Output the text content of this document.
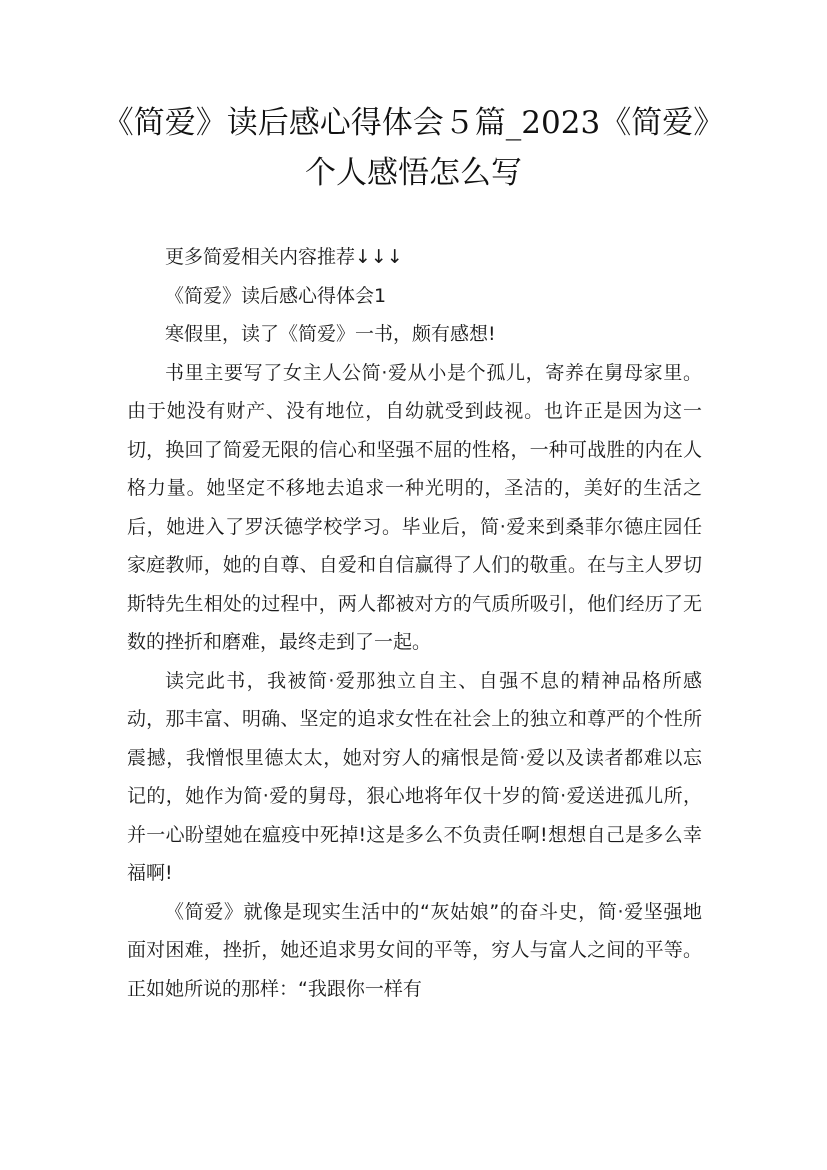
《简爱》读后感心得体会５篇_2023《简爱》
个人感悟怎么写

更多简爱相关内容推荐↓↓↓

《简爱》读后感心得体会1

寒假里，读了《简爱》一书，颇有感想!

书里主要写了女主人公简·爱从小是个孤儿，寄养在舅母家里。由于她没有财产、没有地位，自幼就受到歧视。也许正是因为这一切，换回了简爱无限的信心和坚强不屈的性格，一种可战胜的内在人格力量。她坚定不移地去追求一种光明的，圣洁的，美好的生活之后，她进入了罗沃德学校学习。毕业后，简·爱来到桑菲尔德庄园任家庭教师，她的自尊、自爱和自信赢得了人们的敬重。在与主人罗切斯特先生相处的过程中，两人都被对方的气质所吸引，他们经历了无数的挫折和磨难，最终走到了一起。

读完此书，我被简·爱那独立自主、自强不息的精神品格所感动，那丰富、明确、坚定的追求女性在社会上的独立和尊严的个性所震撼，我憎恨里德太太，她对穷人的痛恨是简·爱以及读者都难以忘记的，她作为简·爱的舅母，狠心地将年仅十岁的简·爱送进孤儿所，并一心盼望她在瘟疫中死掉!这是多么不负责任啊!想想自己是多么幸福啊!

《简爱》就像是现实生活中的“灰姑娘”的奋斗史，简·爱坚强地面对困难，挫折，她还追求男女间的平等，穷人与富人之间的平等。正如她所说的那样：“我跟你一样有
